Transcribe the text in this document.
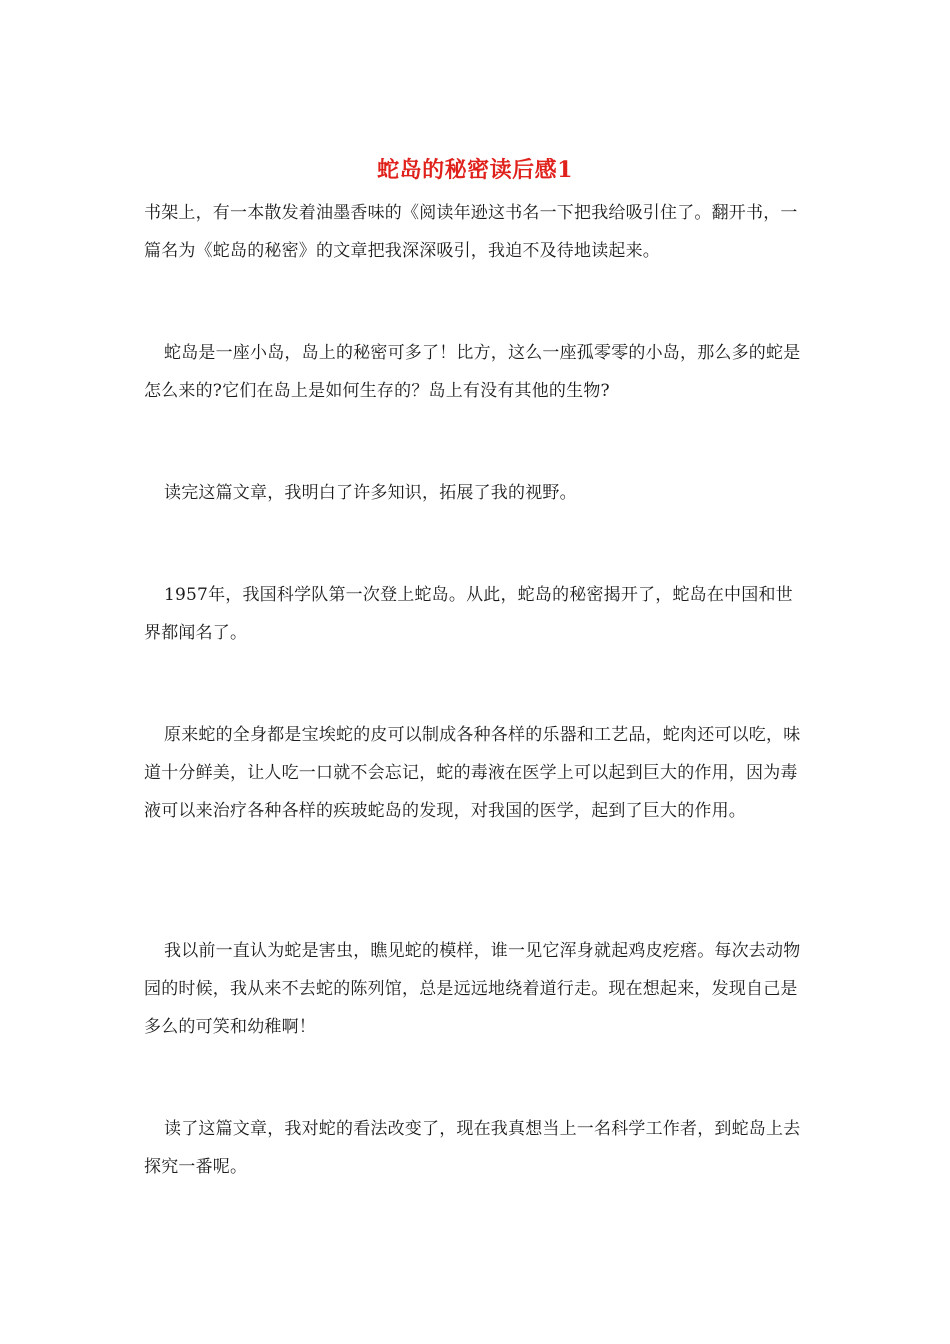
蛇岛的秘密读后感1

书架上，有一本散发着油墨香味的《阅读年逊这书名一下把我给吸引住了。翻开书，一篇名为《蛇岛的秘密》的文章把我深深吸引，我迫不及待地读起来。

蛇岛是一座小岛，岛上的秘密可多了！比方，这么一座孤零零的小岛，那么多的蛇是怎么来的?它们在岛上是如何生存的？岛上有没有其他的生物?

读完这篇文章，我明白了许多知识，拓展了我的视野。

1957年，我国科学队第一次登上蛇岛。从此，蛇岛的秘密揭开了，蛇岛在中国和世界都闻名了。

原来蛇的全身都是宝埃蛇的皮可以制成各种各样的乐器和工艺品，蛇肉还可以吃，味道十分鲜美，让人吃一口就不会忘记，蛇的毒液在医学上可以起到巨大的作用，因为毒液可以来治疗各种各样的疾玻蛇岛的发现，对我国的医学，起到了巨大的作用。

我以前一直认为蛇是害虫，瞧见蛇的模样，谁一见它浑身就起鸡皮疙瘩。每次去动物园的时候，我从来不去蛇的陈列馆，总是远远地绕着道行走。现在想起来，发现自己是多么的可笑和幼稚啊！

读了这篇文章，我对蛇的看法改变了，现在我真想当上一名科学工作者，到蛇岛上去探究一番呢。
